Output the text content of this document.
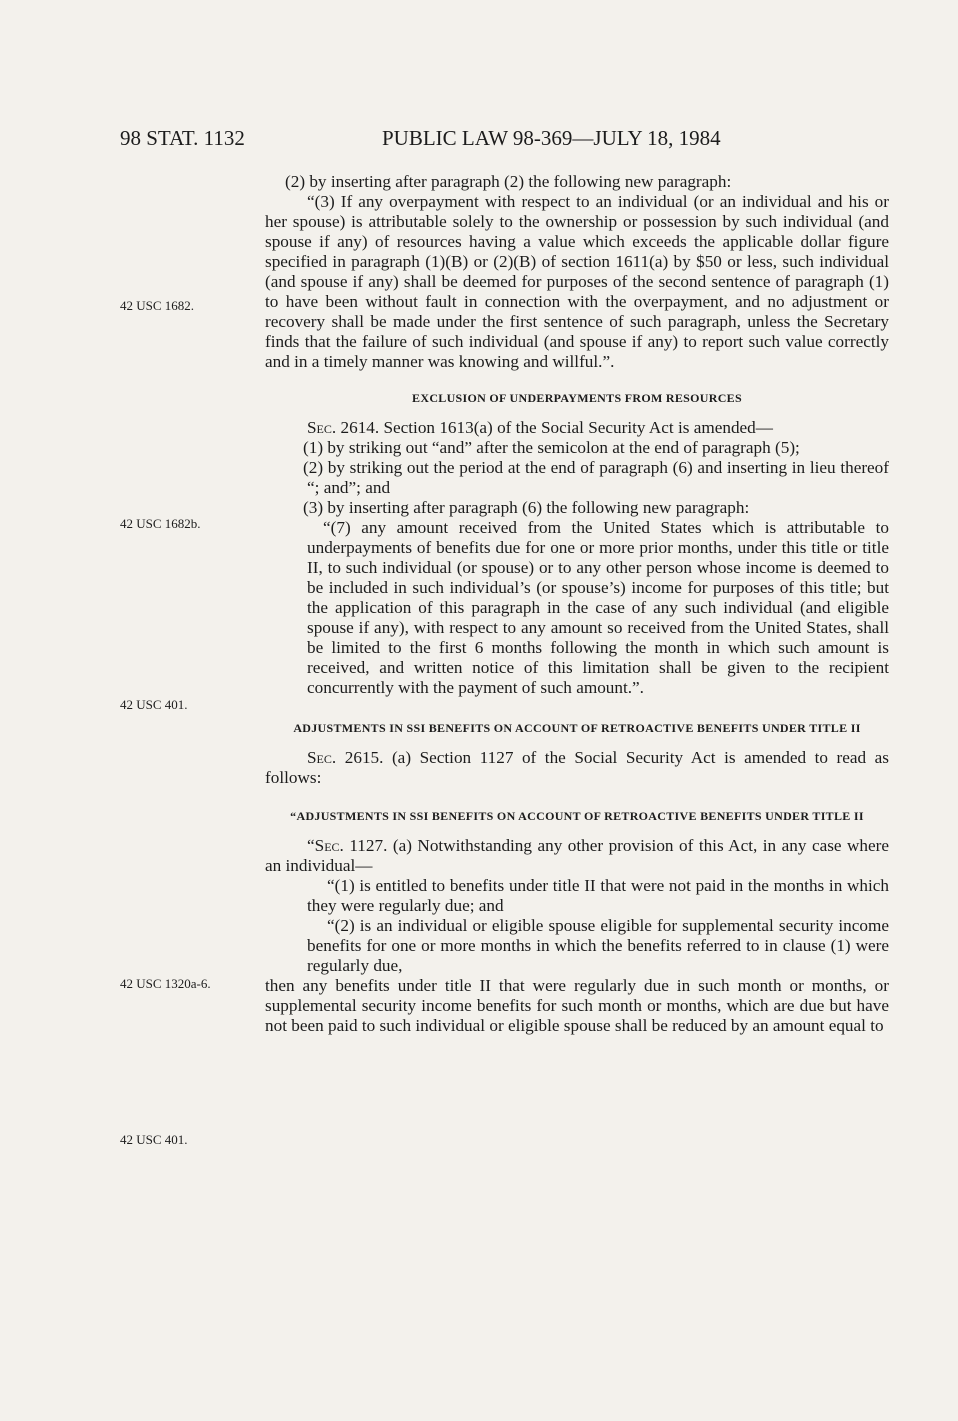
98 STAT. 1132	PUBLIC LAW 98-369—JULY 18, 1984
42 USC 1682.
42 USC 1682b.
42 USC 401.
42 USC 1320a-6.
42 USC 401.

(2) by inserting after paragraph (2) the following new paragraph:

“(3) If any overpayment with respect to an individual (or an individual and his or her spouse) is attributable solely to the ownership or possession by such individual (and spouse if any) of resources having a value which exceeds the applicable dollar figure specified in paragraph (1)(B) or (2)(B) of section 1611(a) by $50 or less, such individual (and spouse if any) shall be deemed for purposes of the second sentence of paragraph (1) to have been without fault in connection with the overpayment, and no adjustment or recovery shall be made under the first sentence of such paragraph, unless the Secretary finds that the failure of such individual (and spouse if any) to report such value correctly and in a timely manner was knowing and willful.”.

EXCLUSION OF UNDERPAYMENTS FROM RESOURCES

Sec. 2614. Section 1613(a) of the Social Security Act is amended—

(1) by striking out “and” after the semicolon at the end of paragraph (5);

(2) by striking out the period at the end of paragraph (6) and inserting in lieu thereof “; and”; and

(3) by inserting after paragraph (6) the following new paragraph:

“(7) any amount received from the United States which is attributable to underpayments of benefits due for one or more prior months, under this title or title II, to such individual (or spouse) or to any other person whose income is deemed to be included in such individual’s (or spouse’s) income for purposes of this title; but the application of this paragraph in the case of any such individual (and eligible spouse if any), with respect to any amount so received from the United States, shall be limited to the first 6 months following the month in which such amount is received, and written notice of this limitation shall be given to the recipient concurrently with the payment of such amount.”.

ADJUSTMENTS IN SSI BENEFITS ON ACCOUNT OF RETROACTIVE BENEFITS UNDER TITLE II

Sec. 2615. (a) Section 1127 of the Social Security Act is amended to read as follows:

“ADJUSTMENTS IN SSI BENEFITS ON ACCOUNT OF RETROACTIVE BENEFITS UNDER TITLE II

“Sec. 1127. (a) Notwithstanding any other provision of this Act, in any case where an individual—

“(1) is entitled to benefits under title II that were not paid in the months in which they were regularly due; and

“(2) is an individual or eligible spouse eligible for supplemental security income benefits for one or more months in which the benefits referred to in clause (1) were regularly due,

then any benefits under title II that were regularly due in such month or months, or supplemental security income benefits for such month or months, which are due but have not been paid to such individual or eligible spouse shall be reduced by an amount equal to
